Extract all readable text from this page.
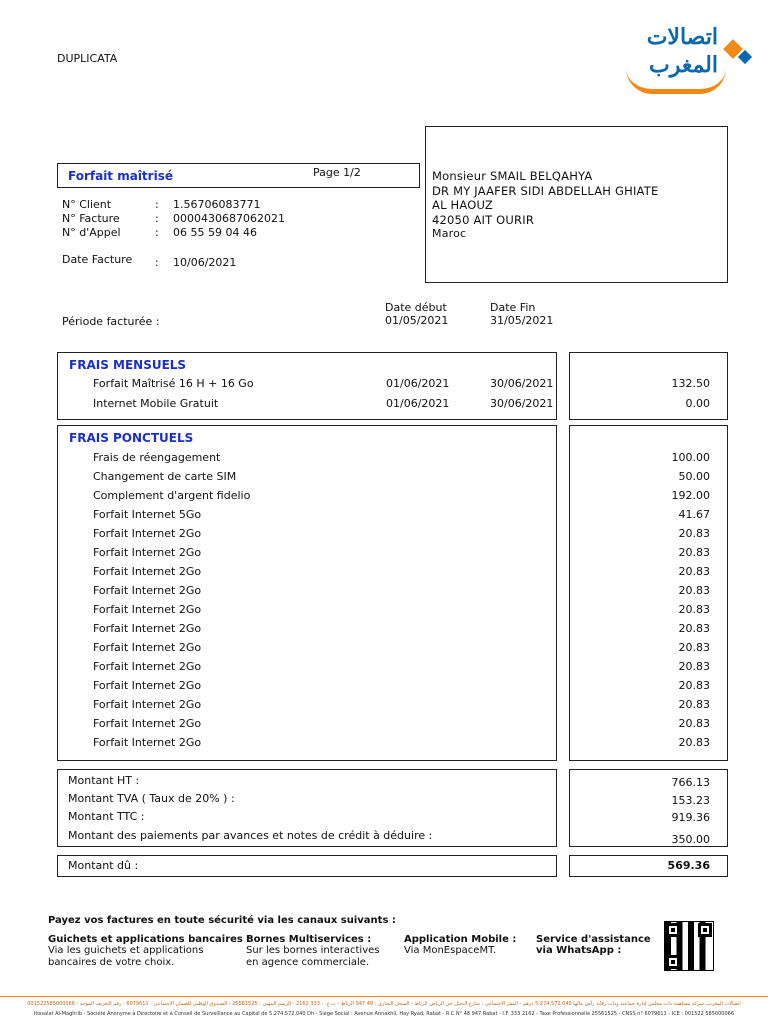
DUPLICATA
اتصالات
المغرب
Forfait maîtrisé	Page 1/2
N° Client	: 1.56706083771
N° Facture	: 0000430687062021
N° d'Appel	: 06 55 59 04 46
Date Facture : 10/06/2021
Monsieur SMAIL BELQAHYA
DR MY JAAFER SIDI ABDELLAH GHIATE
AL HAOUZ
42050 AIT OURIR
Maroc
Date début	Date Fin
Période facturée :	01/05/2021	31/05/2021
FRAIS MENSUELS
Forfait Maîtrisé 16 H + 16 Go	01/06/2021	30/06/2021	132.50
Internet Mobile Gratuit	01/06/2021	30/06/2021	0.00
FRAIS PONCTUELS
Frais de réengagement	100.00
Changement de carte SIM	50.00
Complement d'argent fidelio	192.00
Forfait Internet 5Go	41.67
Forfait Internet 2Go	20.83
Forfait Internet 2Go	20.83
Forfait Internet 2Go	20.83
Forfait Internet 2Go	20.83
Forfait Internet 2Go	20.83
Forfait Internet 2Go	20.83
Forfait Internet 2Go	20.83
Forfait Internet 2Go	20.83
Forfait Internet 2Go	20.83
Forfait Internet 2Go	20.83
Forfait Internet 2Go	20.83
Forfait Internet 2Go	20.83
Montant HT :	766.13
Montant TVA ( Taux de 20% ) :	153.23
Montant TTC :	919.36
Montant des paiements par avances et notes de crédit à déduire :	350.00
Montant dû :	569.36
Payez vos factures en toute sécurité via les canaux suivants :
Guichets et applications bancaires :
Via les guichets et applications
bancaires de votre choix.
Bornes Multiservices :
Sur les bornes interactives
en agence commerciale.
Application Mobile :
Via MonEspaceMT.
Service d'assistance
via WhatsApp :
اتصالات المغرب، شركة مساهمة ذات مجلس إدارة جماعية وذات رقابة رأس مالها 5.274.572.040 درهم - المقر الاجتماعي : شارع النخيل حي الرياض الرباط - السجل التجاري : 48 947 الرباط - ت.ج. : 333 2162 - الرسم المهني : 25561525 - الصندوق الوطني للضمان الاجتماعي : 6079611 - رقم التعريف الموحد : 001522585000066
Itissalat Al-Maghrib - Société Anonyme à Directoire et à Conseil de Surveillance au Capital de 5.274.572.040 Dh - Siège Social : Avenue Annakhil, Hay Ryad, Rabat - R.C N° 48 947 Rabat - I.F. 333 2162 - Taxe Professionnelle 25561525 - CNSS n° 6079611 - ICE : 001522 585000066
